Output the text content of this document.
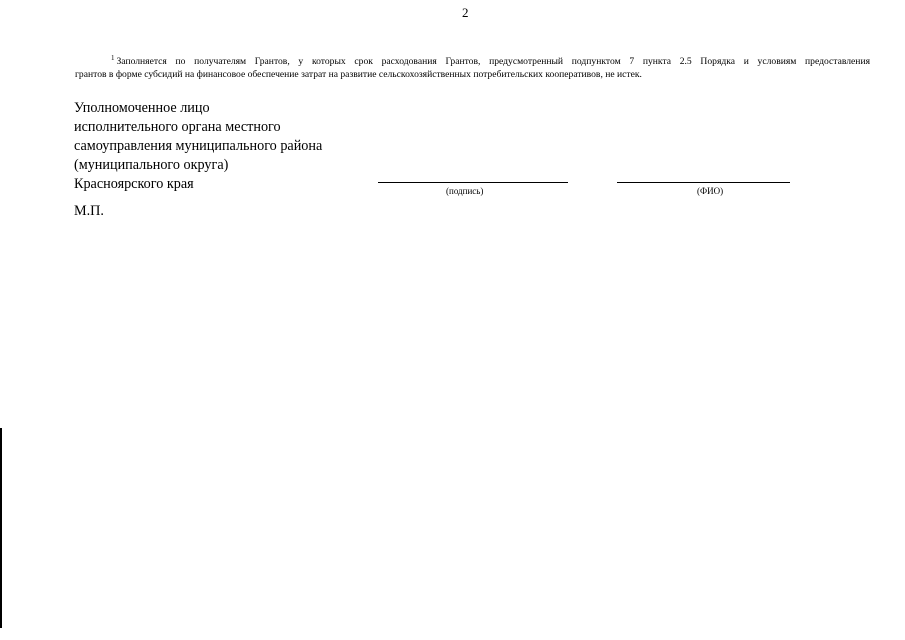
2
$^1$ Заполняется по получателям Грантов, у которых срок расходования Грантов, предусмотренный подпунктом 7 пункта 2.5 Порядка и условиям предоставления
грантов в форме субсидий на финансовое обеспечение затрат на развитие сельскохозяйственных потребительских кооперативов, не истек.
Уполномоченное лицо
исполнительного органа местного
самоуправления муниципального района
(муниципального округа)
Красноярского края	(подпись)	(ФИО)
М.П.
